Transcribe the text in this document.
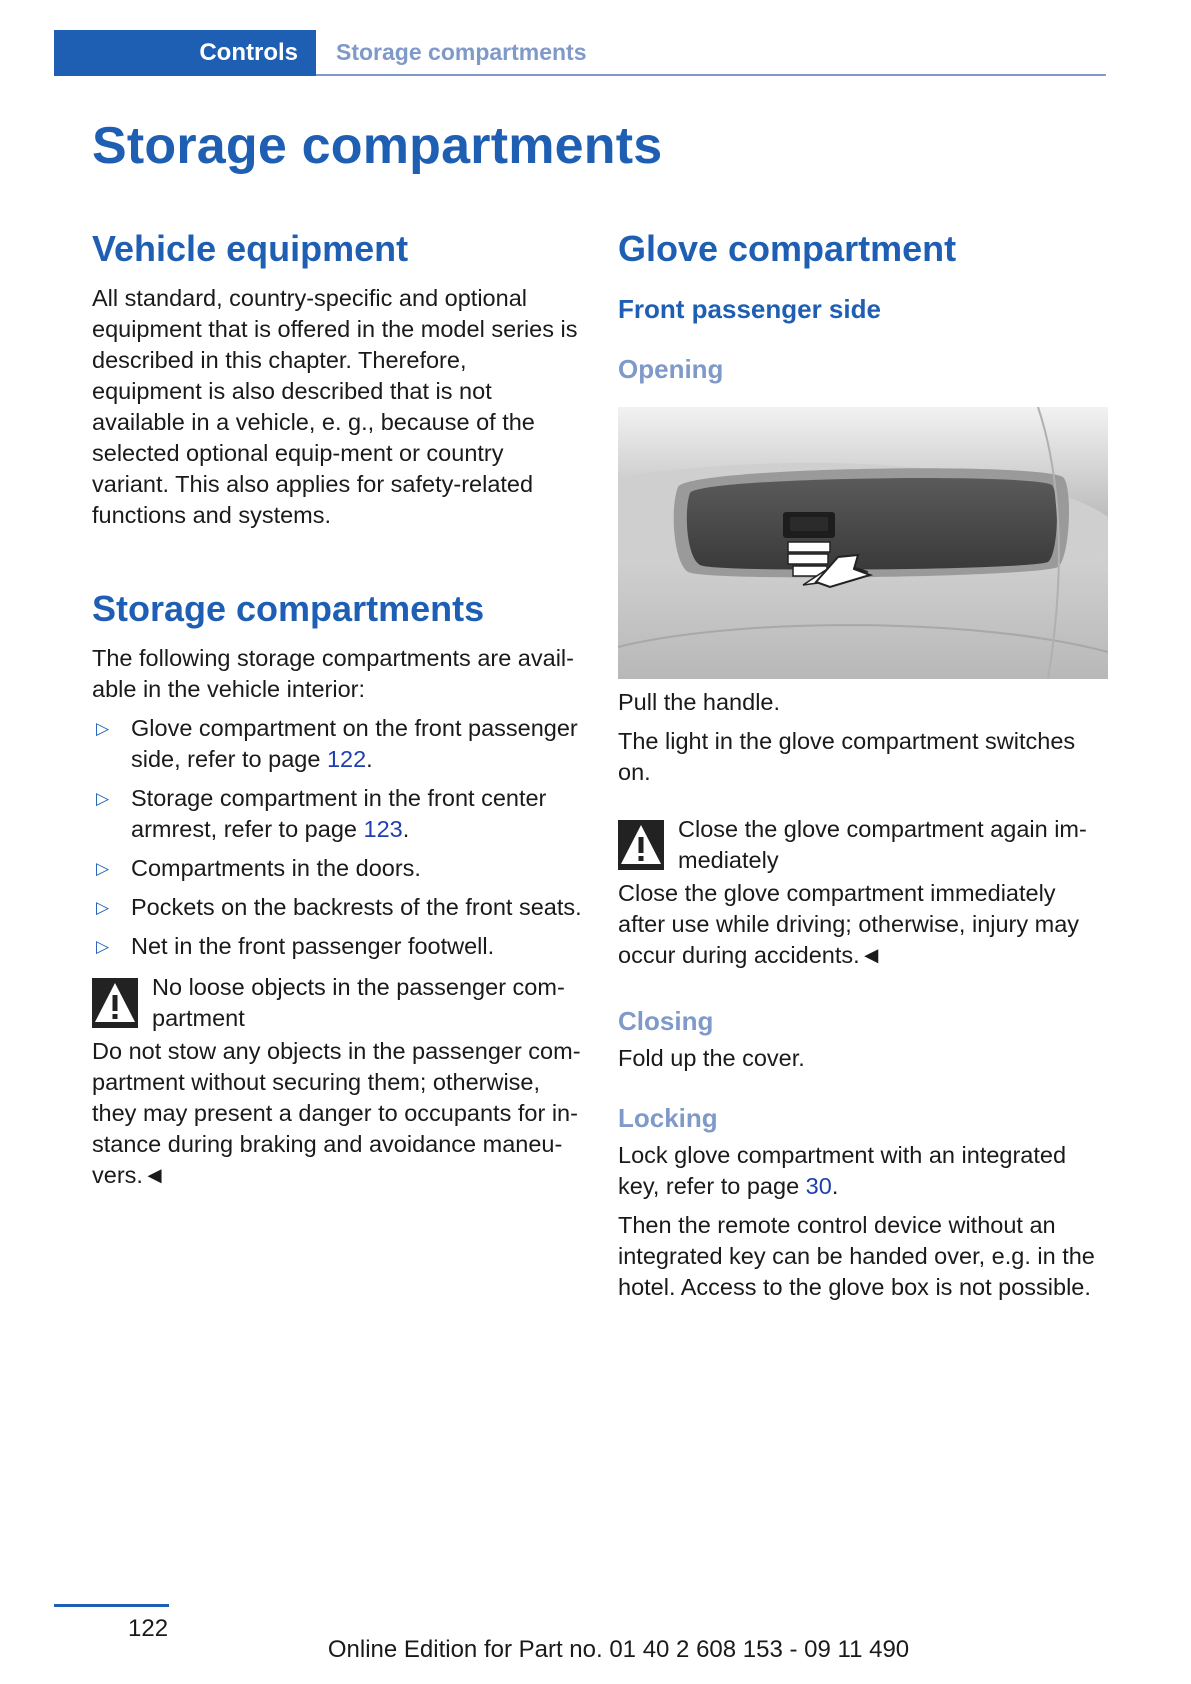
Controls Storage compartments
Storage compartments
Vehicle equipment

All standard, country-specific and optional equipment that is offered in the model series is described in this chapter. Therefore, equipment is also described that is not available in a vehicle, e. g., because of the selected optional equip-ment or country variant. This also applies for safety-related functions and systems.

Storage compartments

The following storage compartments are avail-able in the vehicle interior:

▷ Glove compartment on the front passenger side, refer to page 122.
▷ Storage compartment in the front center armrest, refer to page 123.
▷ Compartments in the doors.
▷ Pockets on the backrests of the front seats.
▷ Net in the front passenger footwell.

No loose objects in the passenger com-partment

Do not stow any objects in the passenger com-partment without securing them; otherwise, they may present a danger to occupants for in-stance during braking and avoidance maneu-vers.◄

Glove compartment
Front passenger side
Opening

Pull the handle.

The light in the glove compartment switches on.

Close the glove compartment again im-mediately

Close the glove compartment immediately after use while driving; otherwise, injury may occur during accidents.◄

Closing

Fold up the cover.

Locking

Lock glove compartment with an integrated key, refer to page 30.

Then the remote control device without an integrated key can be handed over, e.g. in the hotel. Access to the glove box is not possible.

122
Online Edition for Part no. 01 40 2 608 153 - 09 11 490
